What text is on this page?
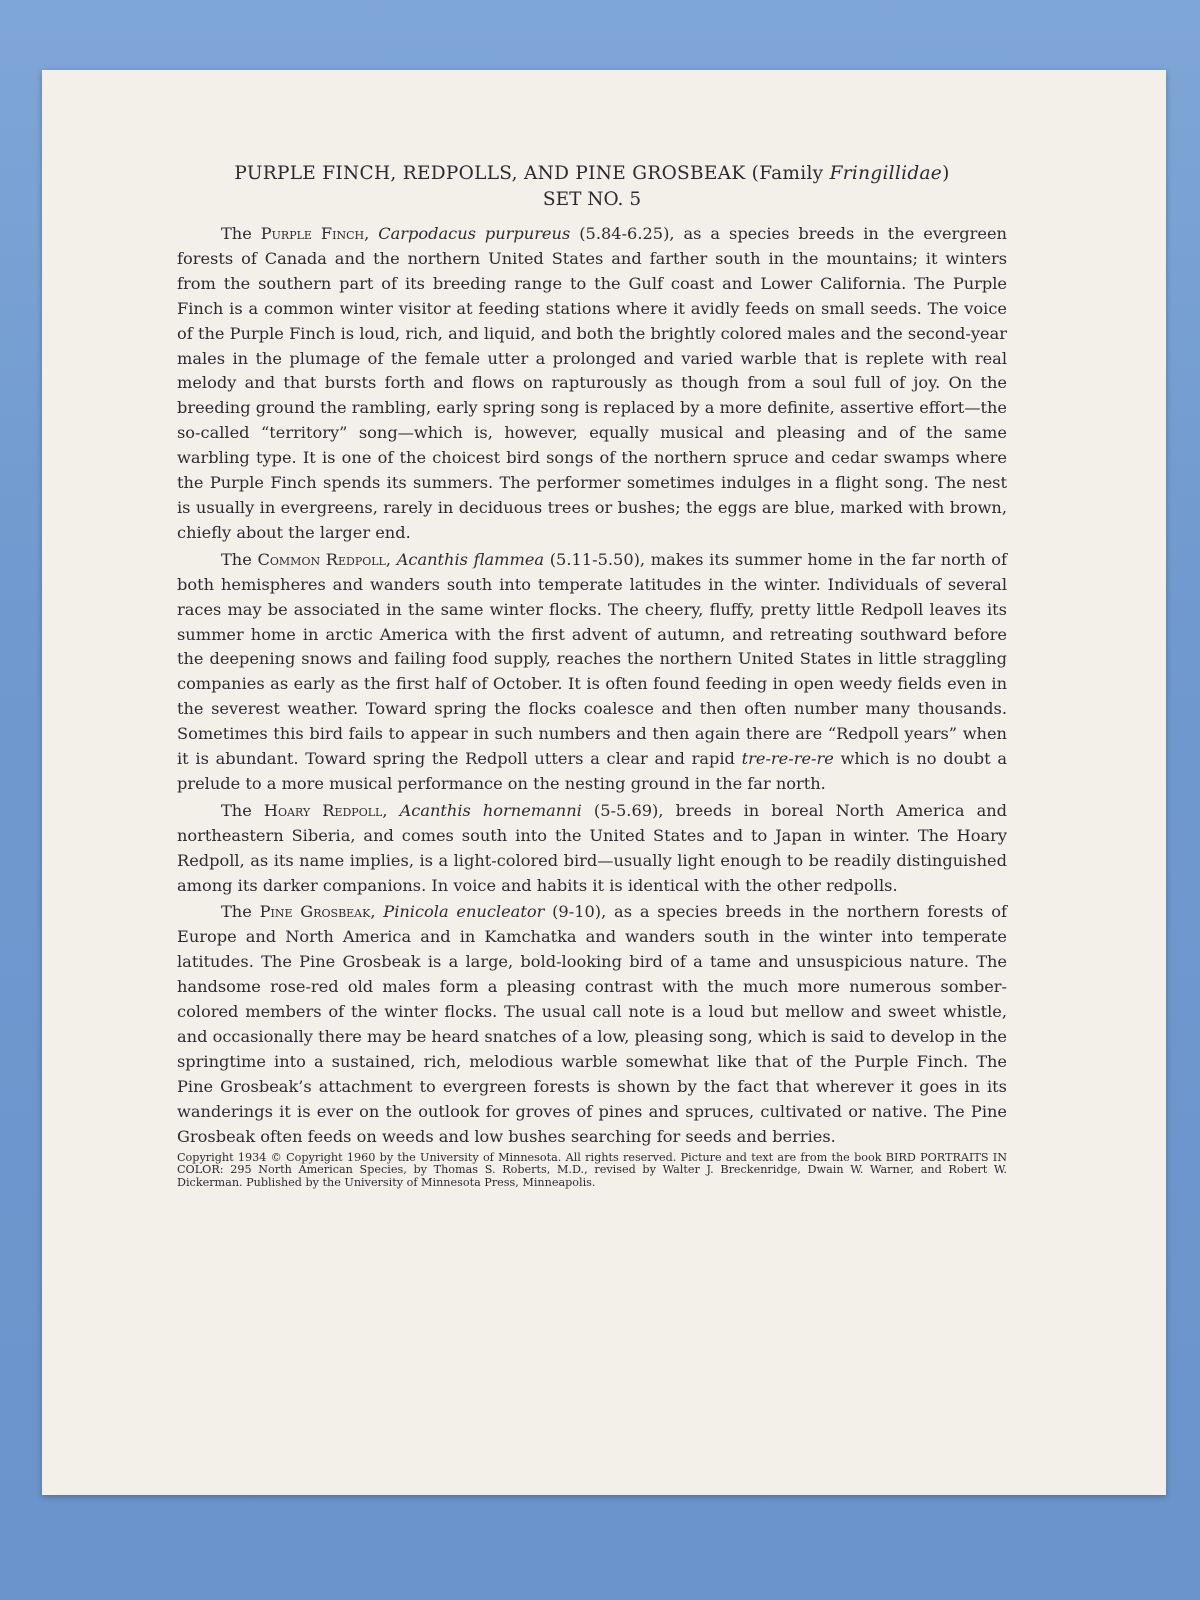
PURPLE FINCH, REDPOLLS, AND PINE GROSBEAK (Family Fringillidae)

SET NO. 5

The Purple Finch, Carpodacus purpureus (5.84-6.25), as a species breeds in the evergreen forests of Canada and the northern United States and farther south in the mountains; it winters from the southern part of its breeding range to the Gulf coast and Lower California. The Purple Finch is a common winter visitor at feeding stations where it avidly feeds on small seeds. The voice of the Purple Finch is loud, rich, and liquid, and both the brightly colored males and the second-year males in the plumage of the female utter a prolonged and varied warble that is replete with real melody and that bursts forth and flows on rapturously as though from a soul full of joy. On the breeding ground the rambling, early spring song is replaced by a more definite, assertive effort—the so-called “territory” song—which is, however, equally musical and pleasing and of the same warbling type. It is one of the choicest bird songs of the northern spruce and cedar swamps where the Purple Finch spends its summers. The performer sometimes indulges in a flight song. The nest is usually in evergreens, rarely in deciduous trees or bushes; the eggs are blue, marked with brown, chiefly about the larger end.

The Common Redpoll, Acanthis flammea (5.11-5.50), makes its summer home in the far north of both hemispheres and wanders south into temperate latitudes in the winter. Individuals of several races may be associated in the same winter flocks. The cheery, fluffy, pretty little Redpoll leaves its summer home in arctic America with the first advent of autumn, and retreating southward before the deepening snows and failing food supply, reaches the northern United States in little straggling companies as early as the first half of October. It is often found feeding in open weedy fields even in the severest weather. Toward spring the flocks coalesce and then often number many thousands. Sometimes this bird fails to appear in such numbers and then again there are “Redpoll years” when it is abundant. Toward spring the Redpoll utters a clear and rapid tre-re-re-re which is no doubt a prelude to a more musical performance on the nesting ground in the far north.

The Hoary Redpoll, Acanthis hornemanni (5-5.69), breeds in boreal North America and northeastern Siberia, and comes south into the United States and to Japan in winter. The Hoary Redpoll, as its name implies, is a light-colored bird—usually light enough to be readily distinguished among its darker companions. In voice and habits it is identical with the other redpolls.

The Pine Grosbeak, Pinicola enucleator (9-10), as a species breeds in the northern forests of Europe and North America and in Kamchatka and wanders south in the winter into temperate latitudes. The Pine Grosbeak is a large, bold-looking bird of a tame and unsuspicious nature. The handsome rose-red old males form a pleasing contrast with the much more numerous somber-colored members of the winter flocks. The usual call note is a loud but mellow and sweet whistle, and occasionally there may be heard snatches of a low, pleasing song, which is said to develop in the springtime into a sustained, rich, melodious warble somewhat like that of the Purple Finch. The Pine Grosbeak’s attachment to evergreen forests is shown by the fact that wherever it goes in its wanderings it is ever on the outlook for groves of pines and spruces, cultivated or native. The Pine Grosbeak often feeds on weeds and low bushes searching for seeds and berries.

Copyright 1934 © Copyright 1960 by the University of Minnesota. All rights reserved. Picture and text are from the book BIRD PORTRAITS IN COLOR: 295 North American Species, by Thomas S. Roberts, M.D., revised by Walter J. Breckenridge, Dwain W. Warner, and Robert W. Dickerman. Published by the University of Minnesota Press, Minneapolis.
